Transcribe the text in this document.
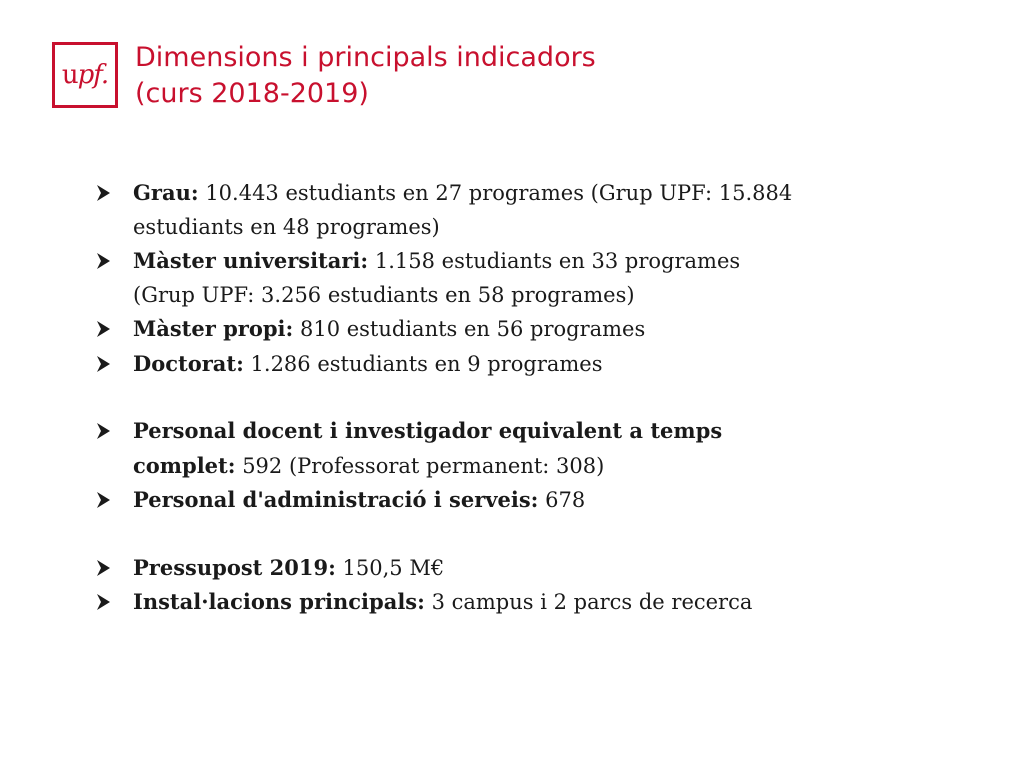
upf.
Dimensions i principals indicadors
(curs 2018-2019)
Grau: 10.443 estudiants en 27 programes (Grup UPF: 15.884
estudiants en 48 programes)
Màster universitari: 1.158 estudiants en 33 programes
(Grup UPF: 3.256 estudiants en 58 programes)
Màster propi: 810 estudiants en 56 programes
Doctorat: 1.286 estudiants en 9 programes
Personal docent i investigador equivalent a temps
complet: 592 (Professorat permanent: 308)
Personal d'administració i serveis: 678
Pressupost 2019: 150,5 M€
Instal·lacions principals: 3 campus i 2 parcs de recerca
